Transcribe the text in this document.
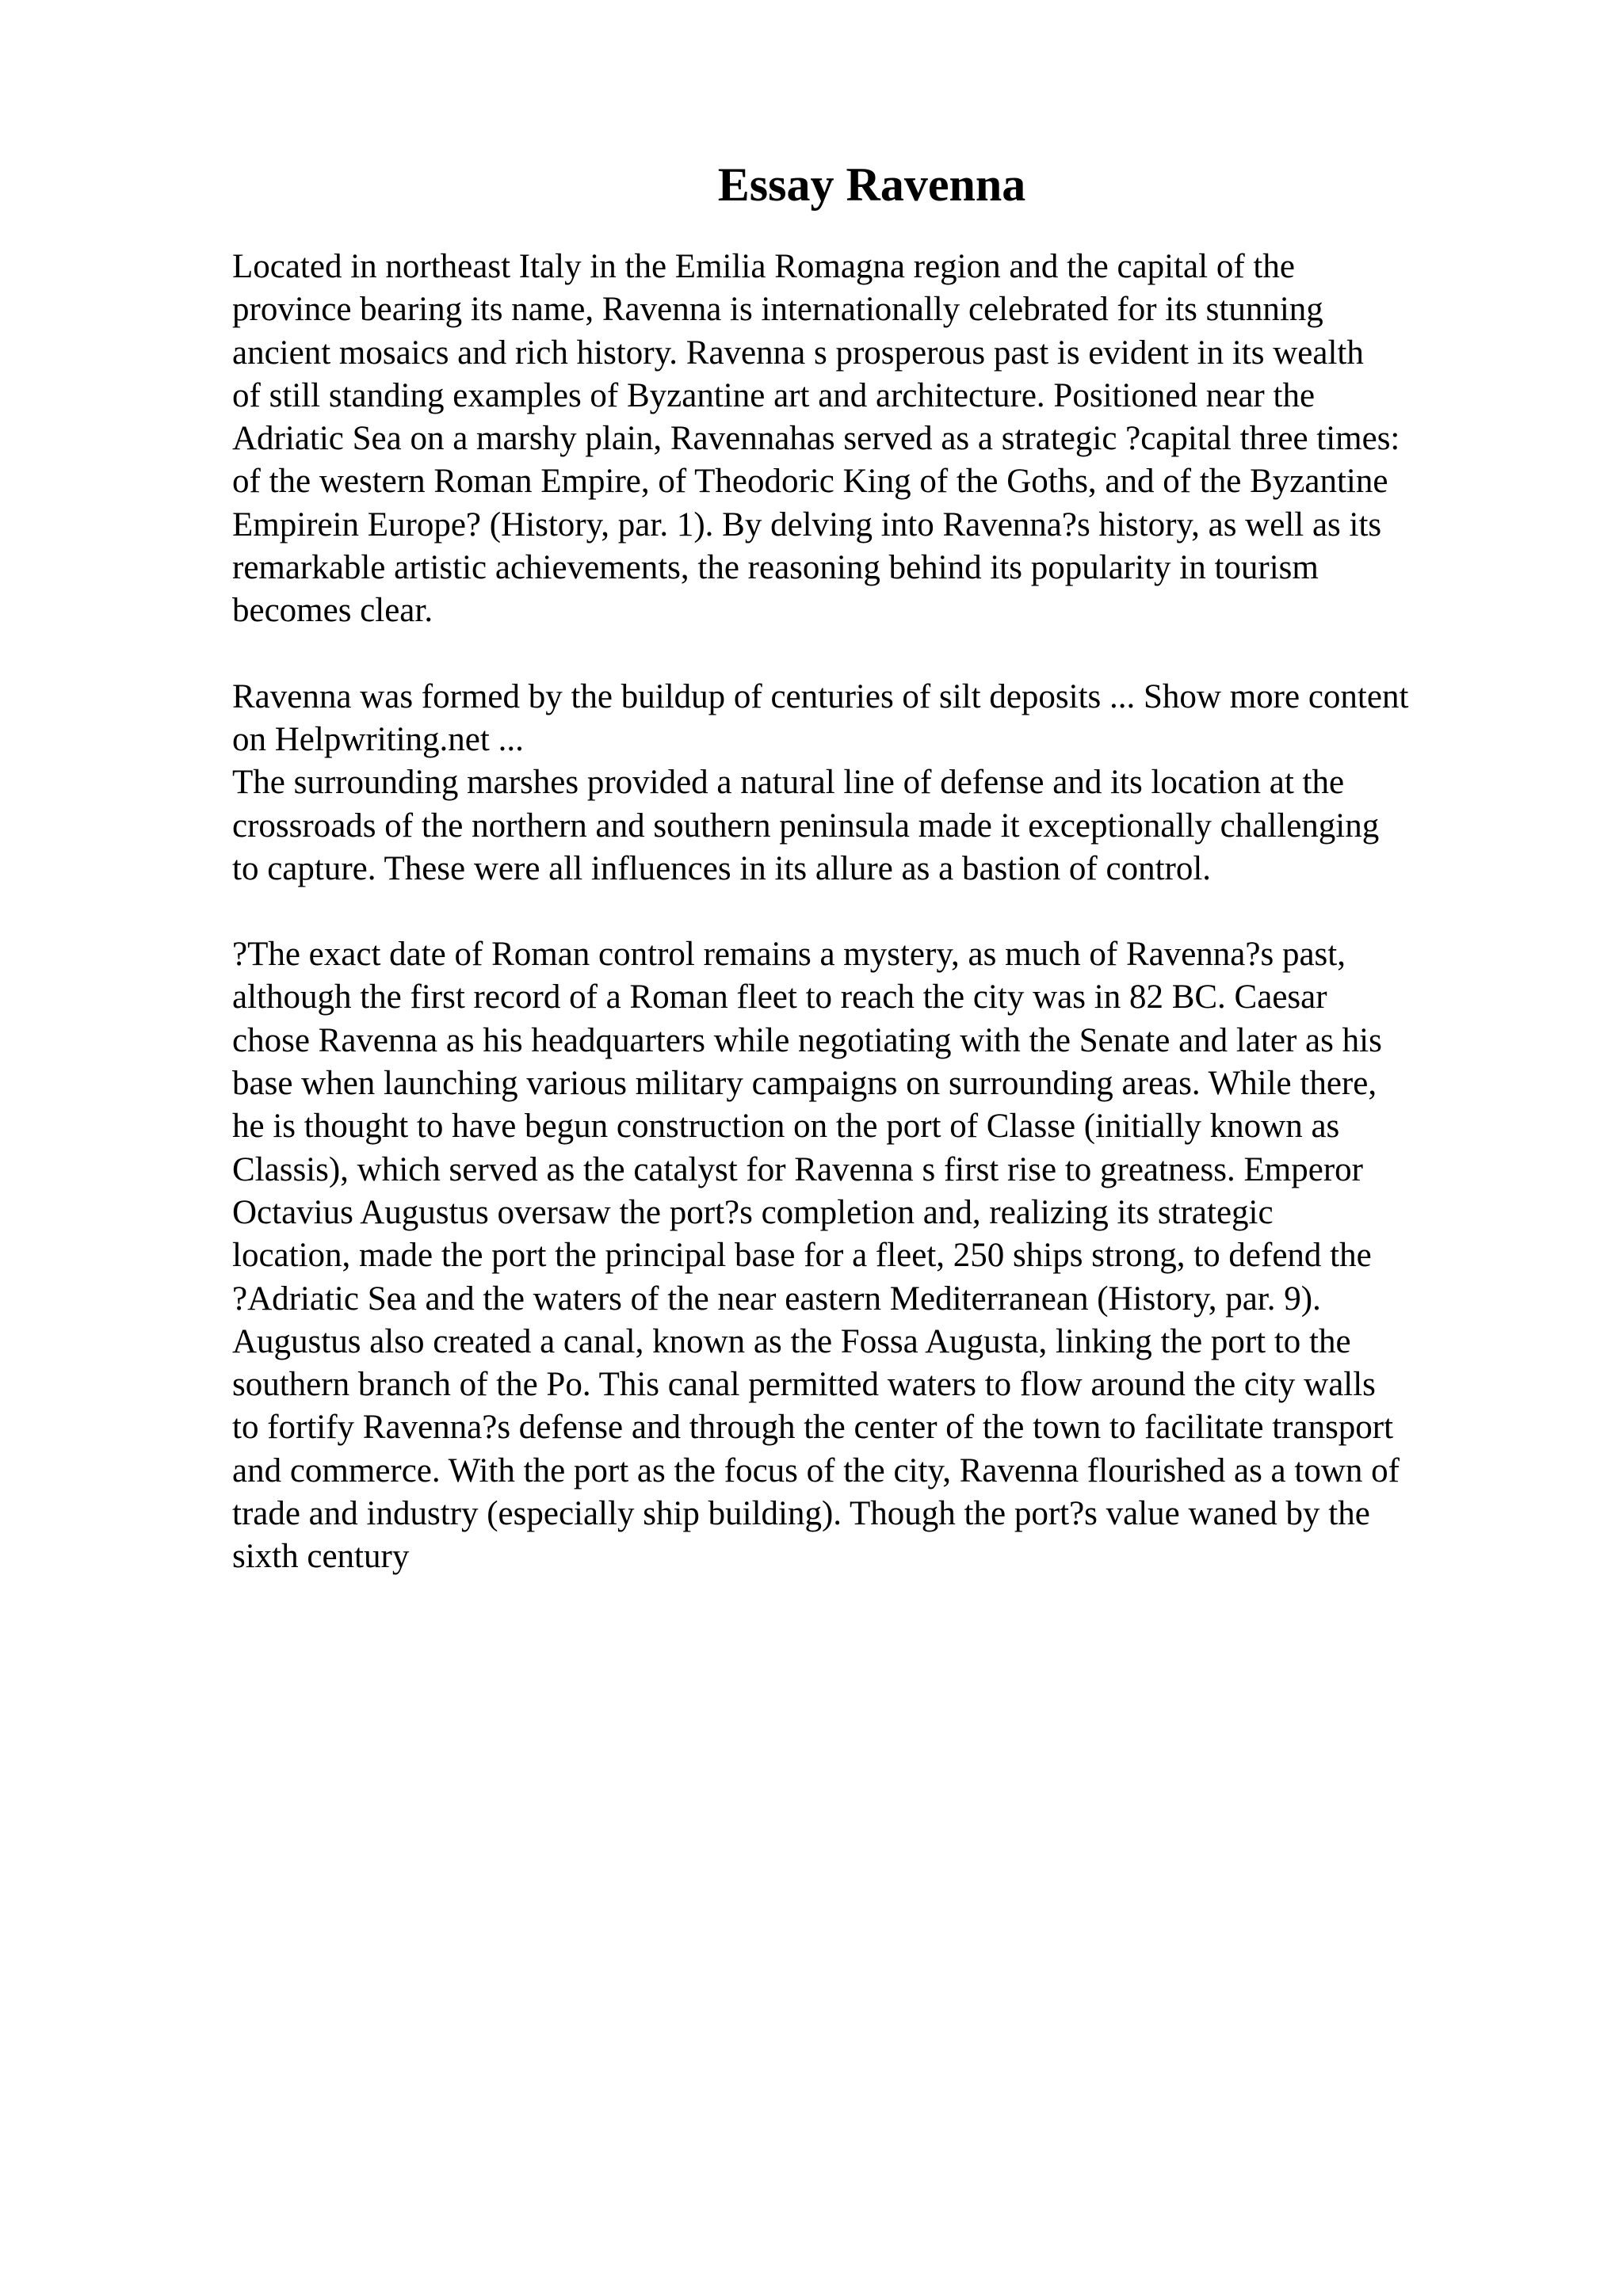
Essay Ravenna
Located in northeast Italy in the Emilia Romagna region and the capital of the
province bearing its name, Ravenna is internationally celebrated for its stunning
ancient mosaics and rich history. Ravenna s prosperous past is evident in its wealth
of still standing examples of Byzantine art and architecture. Positioned near the
Adriatic Sea on a marshy plain, Ravennahas served as a strategic ?capital three times:
of the western Roman Empire, of Theodoric King of the Goths, and of the Byzantine
Empirein Europe? (History, par. 1). By delving into Ravenna?s history, as well as its
remarkable artistic achievements, the reasoning behind its popularity in tourism
becomes clear.
Ravenna was formed by the buildup of centuries of silt deposits ... Show more content
on Helpwriting.net ...
The surrounding marshes provided a natural line of defense and its location at the
crossroads of the northern and southern peninsula made it exceptionally challenging
to capture. These were all influences in its allure as a bastion of control.
?The exact date of Roman control remains a mystery, as much of Ravenna?s past,
although the first record of a Roman fleet to reach the city was in 82 BC. Caesar
chose Ravenna as his headquarters while negotiating with the Senate and later as his
base when launching various military campaigns on surrounding areas. While there,
he is thought to have begun construction on the port of Classe (initially known as
Classis), which served as the catalyst for Ravenna s first rise to greatness. Emperor
Octavius Augustus oversaw the port?s completion and, realizing its strategic
location, made the port the principal base for a fleet, 250 ships strong, to defend the
?Adriatic Sea and the waters of the near eastern Mediterranean (History, par. 9).
Augustus also created a canal, known as the Fossa Augusta, linking the port to the
southern branch of the Po. This canal permitted waters to flow around the city walls
to fortify Ravenna?s defense and through the center of the town to facilitate transport
and commerce. With the port as the focus of the city, Ravenna flourished as a town of
trade and industry (especially ship building). Though the port?s value waned by the
sixth century
